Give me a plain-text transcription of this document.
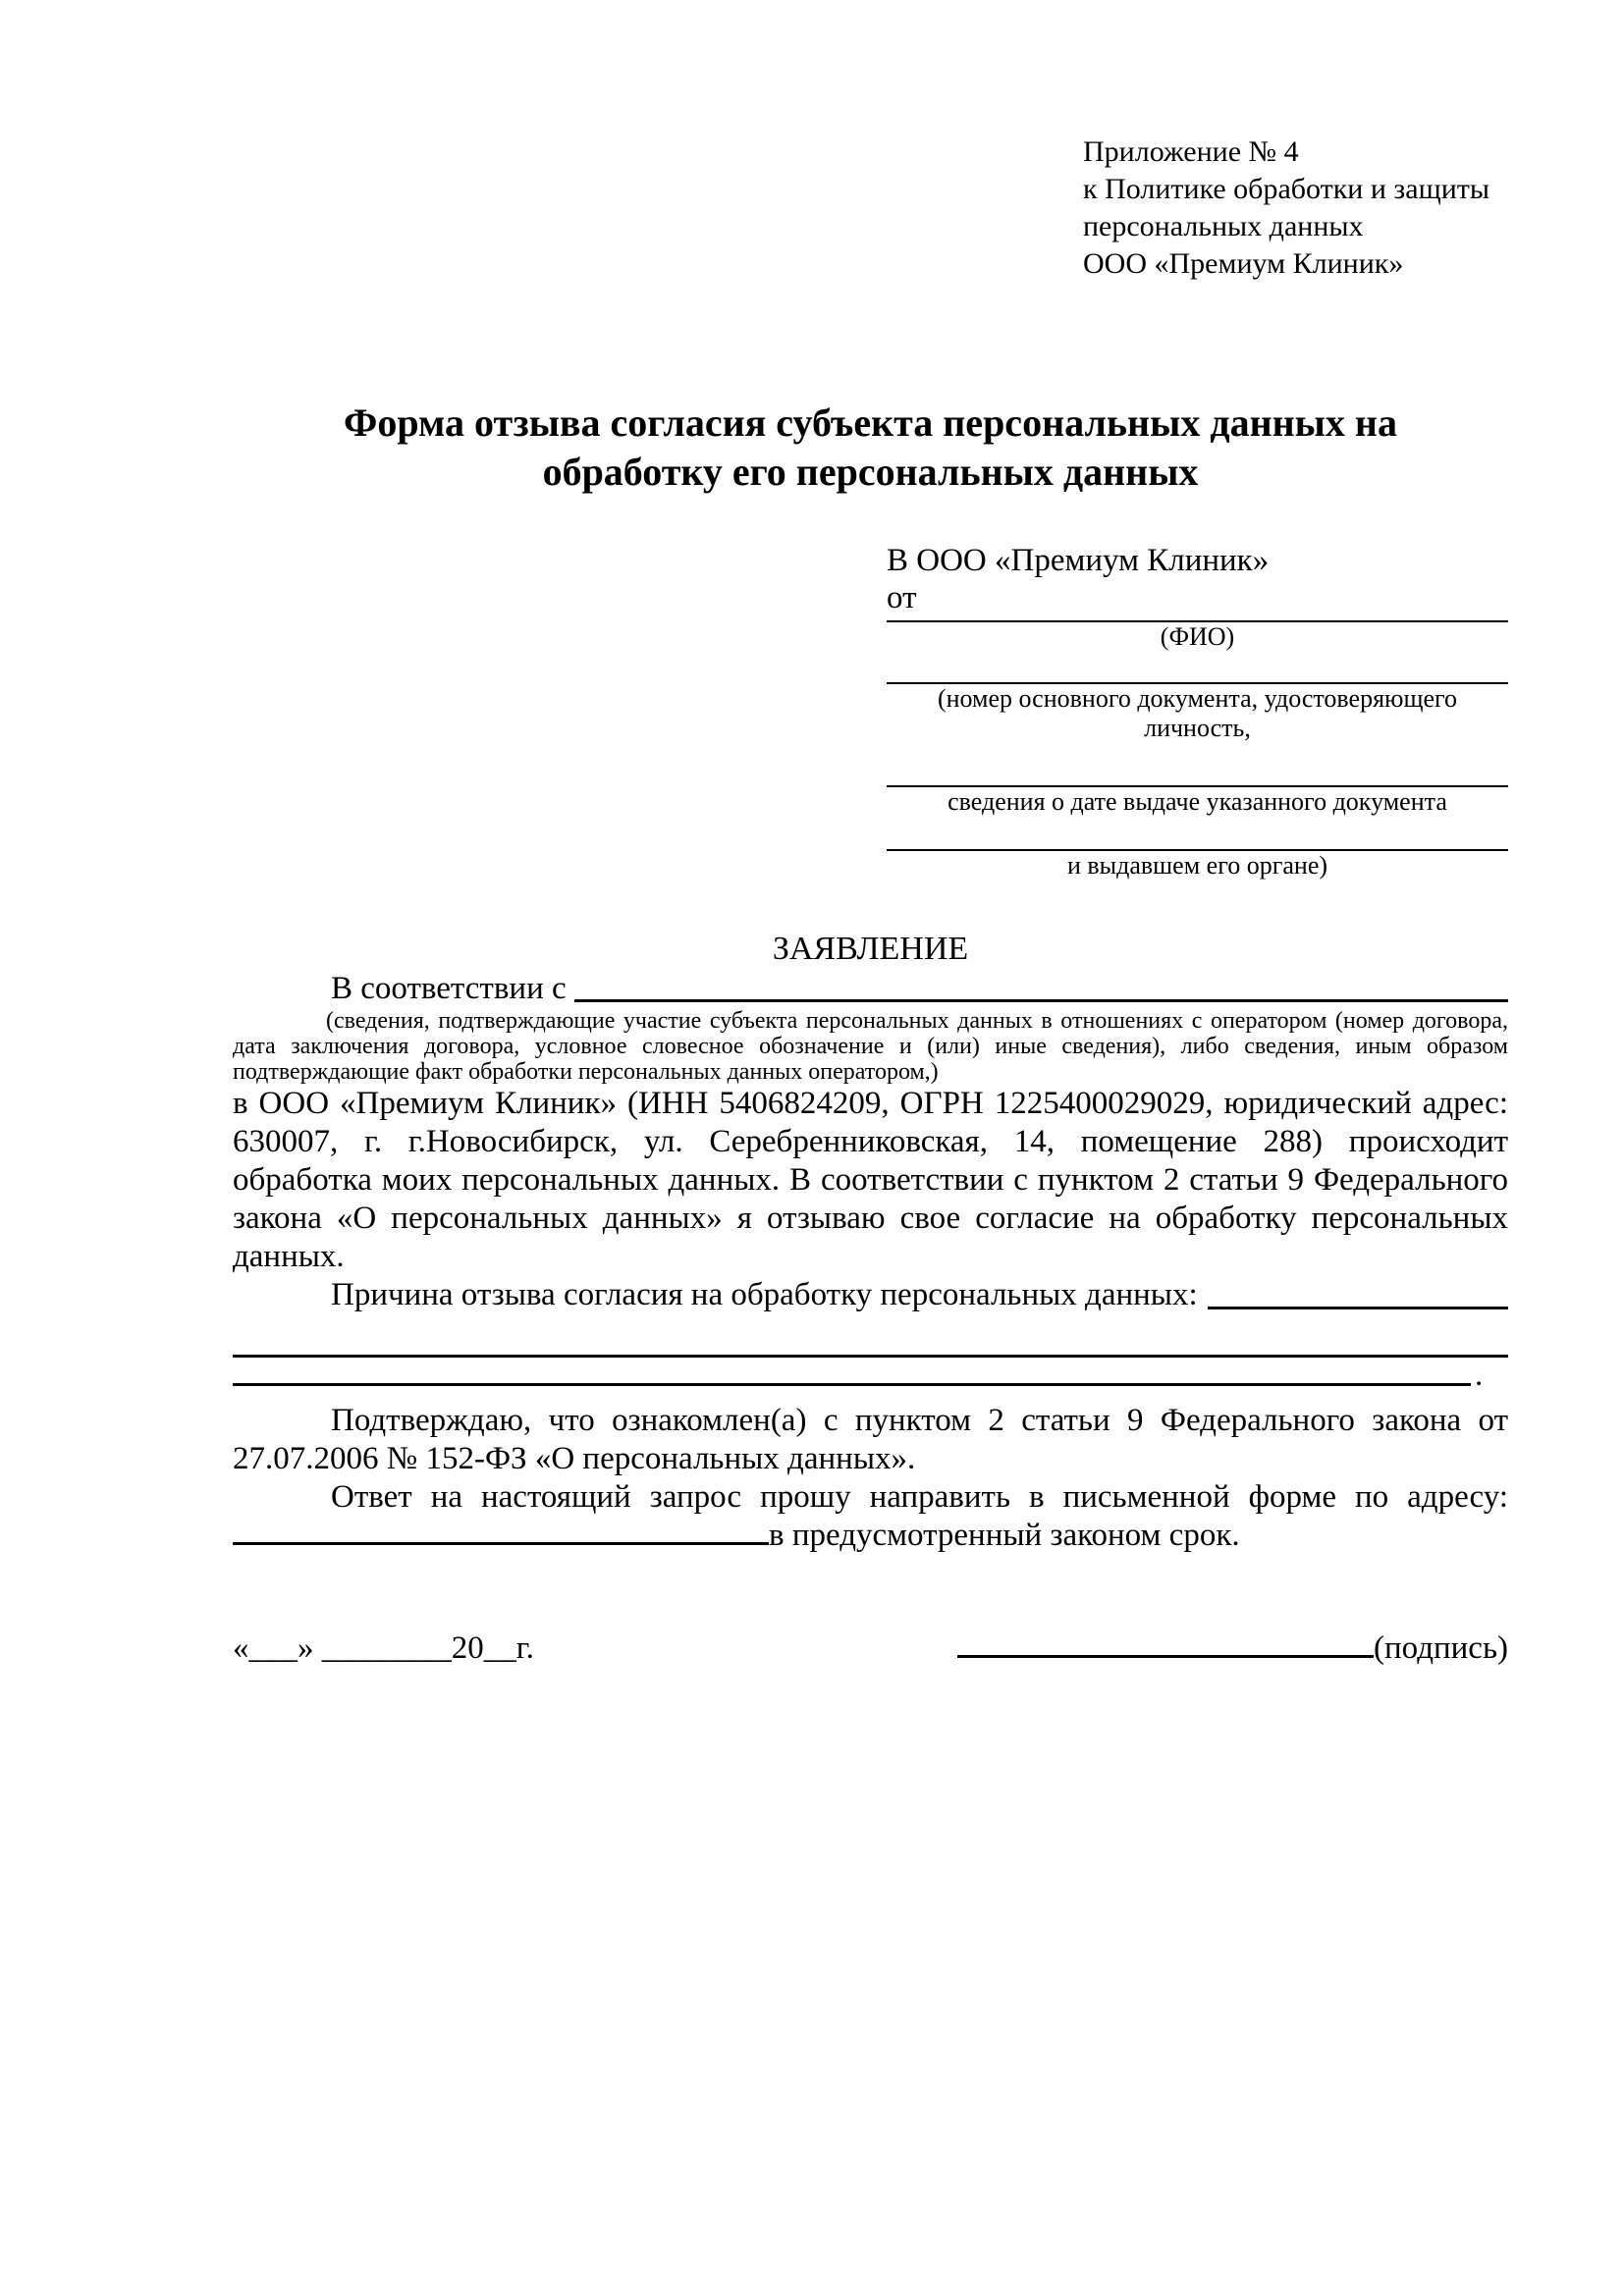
Приложение № 4
к Политике обработки и защиты
персональных данных
ООО «Премиум Клиник»
Форма отзыва согласия субъекта персональных данных на обработку его персональных данных
В ООО «Премиум Клиник»
от
(ФИО)
(номер основного документа, удостоверяющего личность,
сведения о дате выдаче указанного документа
и выдавшем его органе)
ЗАЯВЛЕНИЕ
В соответствии с

(сведения, подтверждающие участие субъекта персональных данных в отношениях с оператором (номер договора, дата заключения договора, условное словесное обозначение и (или) иные сведения), либо сведения, иным образом подтверждающие факт обработки персональных данных оператором,)

в ООО «Премиум Клиник» (ИНН 5406824209, ОГРН 1225400029029, юридический адрес: 630007, г. г.Новосибирск, ул. Серебренниковская, 14, помещение 288) происходит обработка моих персональных данных. В соответствии с пунктом 2 статьи 9 Федерального закона «О персональных данных» я отзываю свое согласие на обработку персональных данных.

Причина отзыва согласия на обработку персональных данных:
.

Подтверждаю, что ознакомлен(а) с пунктом 2 статьи 9 Федерального закона от 27.07.2006 № 152-ФЗ «О персональных данных».

Ответ на настоящий запрос прошу направить в письменной форме по адресу: в предусмотренный законом срок.

«___» ________20__г.	(подпись)
